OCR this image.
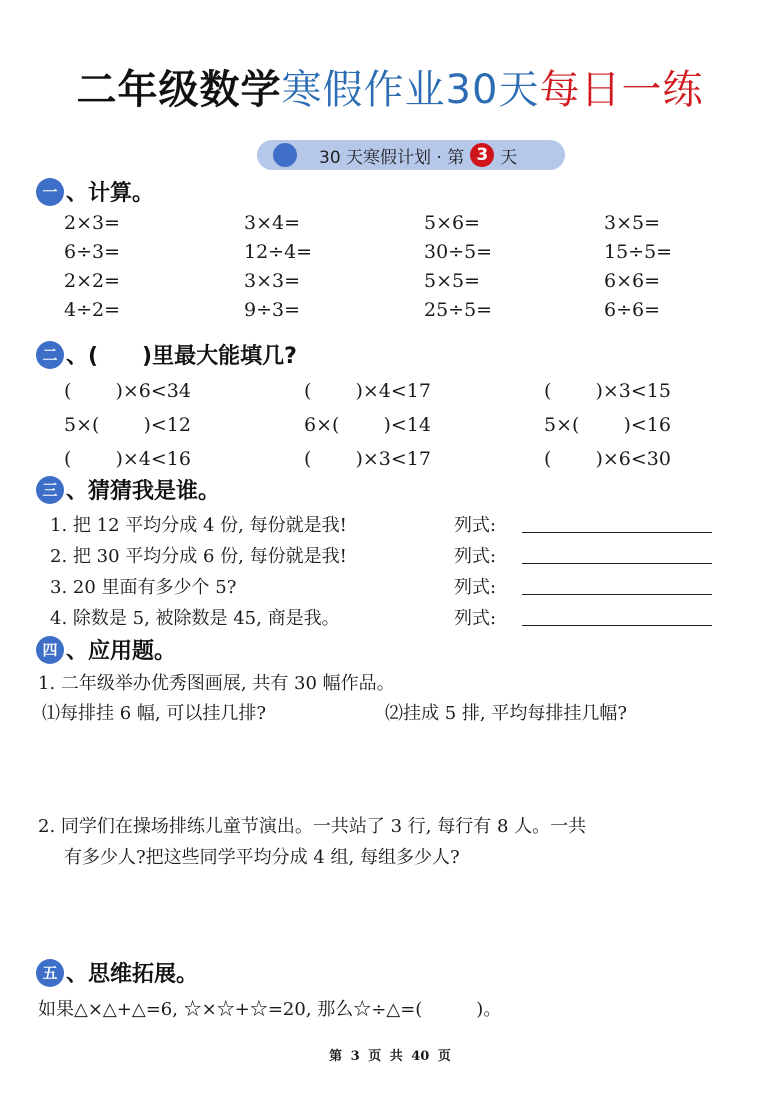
二年级数学寒假作业30天每日一练
30 天寒假计划 · 第 3 天
一 、计算。
2×3=	3×4=	5×6=	3×5=
6÷3=	12÷4=	30÷5=	15÷5=
2×2=	3×3=	5×5=	6×6=
4÷2=	9÷3=	25÷5=	6÷6=
二 、(　　)里最大能填几?
(　　 )×6<34	(　　 )×4<17	(　　 )×3<15
5×(　　 )<12	6×(　　 )<14	5×(　　 )<16
(　　 )×4<16	(　　 )×3<17	(　　 )×6<30
三 、猜猜我是谁。
1. 把 12 平均分成 4 份, 每份就是我!	列式:
2. 把 30 平均分成 6 份, 每份就是我!	列式:
3. 20 里面有多少个 5?	列式:
4. 除数是 5, 被除数是 45, 商是我。	列式:
四 、应用题。
1. 二年级举办优秀图画展, 共有 30 幅作品。
⑴每排挂 6 幅, 可以挂几排?	⑵挂成 5 排, 平均每排挂几幅?
2. 同学们在操场排练儿童节演出。一共站了 3 行, 每行有 8 人。一共
有多少人?把这些同学平均分成 4 组, 每组多少人?
五 、思维拓展。
如果△×△+△=6, ☆×☆+☆=20, 那么☆÷△=(　　　)。
第 3 页 共 40 页
